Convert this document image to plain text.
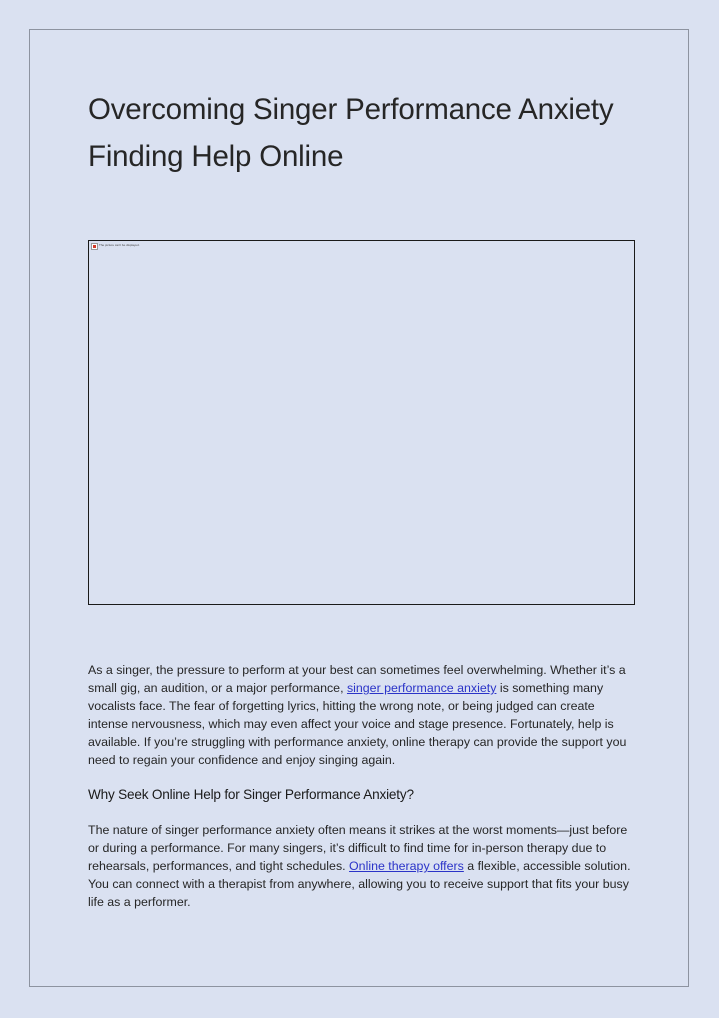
Overcoming Singer Performance Anxiety Finding Help Online
The picture can't be displayed.

As a singer, the pressure to perform at your best can sometimes feel overwhelming. Whether it’s a small gig, an audition, or a major performance, singer performance anxiety is something many vocalists face. The fear of forgetting lyrics, hitting the wrong note, or being judged can create intense nervousness, which may even affect your voice and stage presence. Fortunately, help is available. If you’re struggling with performance anxiety, online therapy can provide the support you need to regain your confidence and enjoy singing again.

Why Seek Online Help for Singer Performance Anxiety?

The nature of singer performance anxiety often means it strikes at the worst moments—just before or during a performance. For many singers, it’s difficult to find time for in-person therapy due to rehearsals, performances, and tight schedules. Online therapy offers a flexible, accessible solution. You can connect with a therapist from anywhere, allowing you to receive support that fits your busy life as a performer.
